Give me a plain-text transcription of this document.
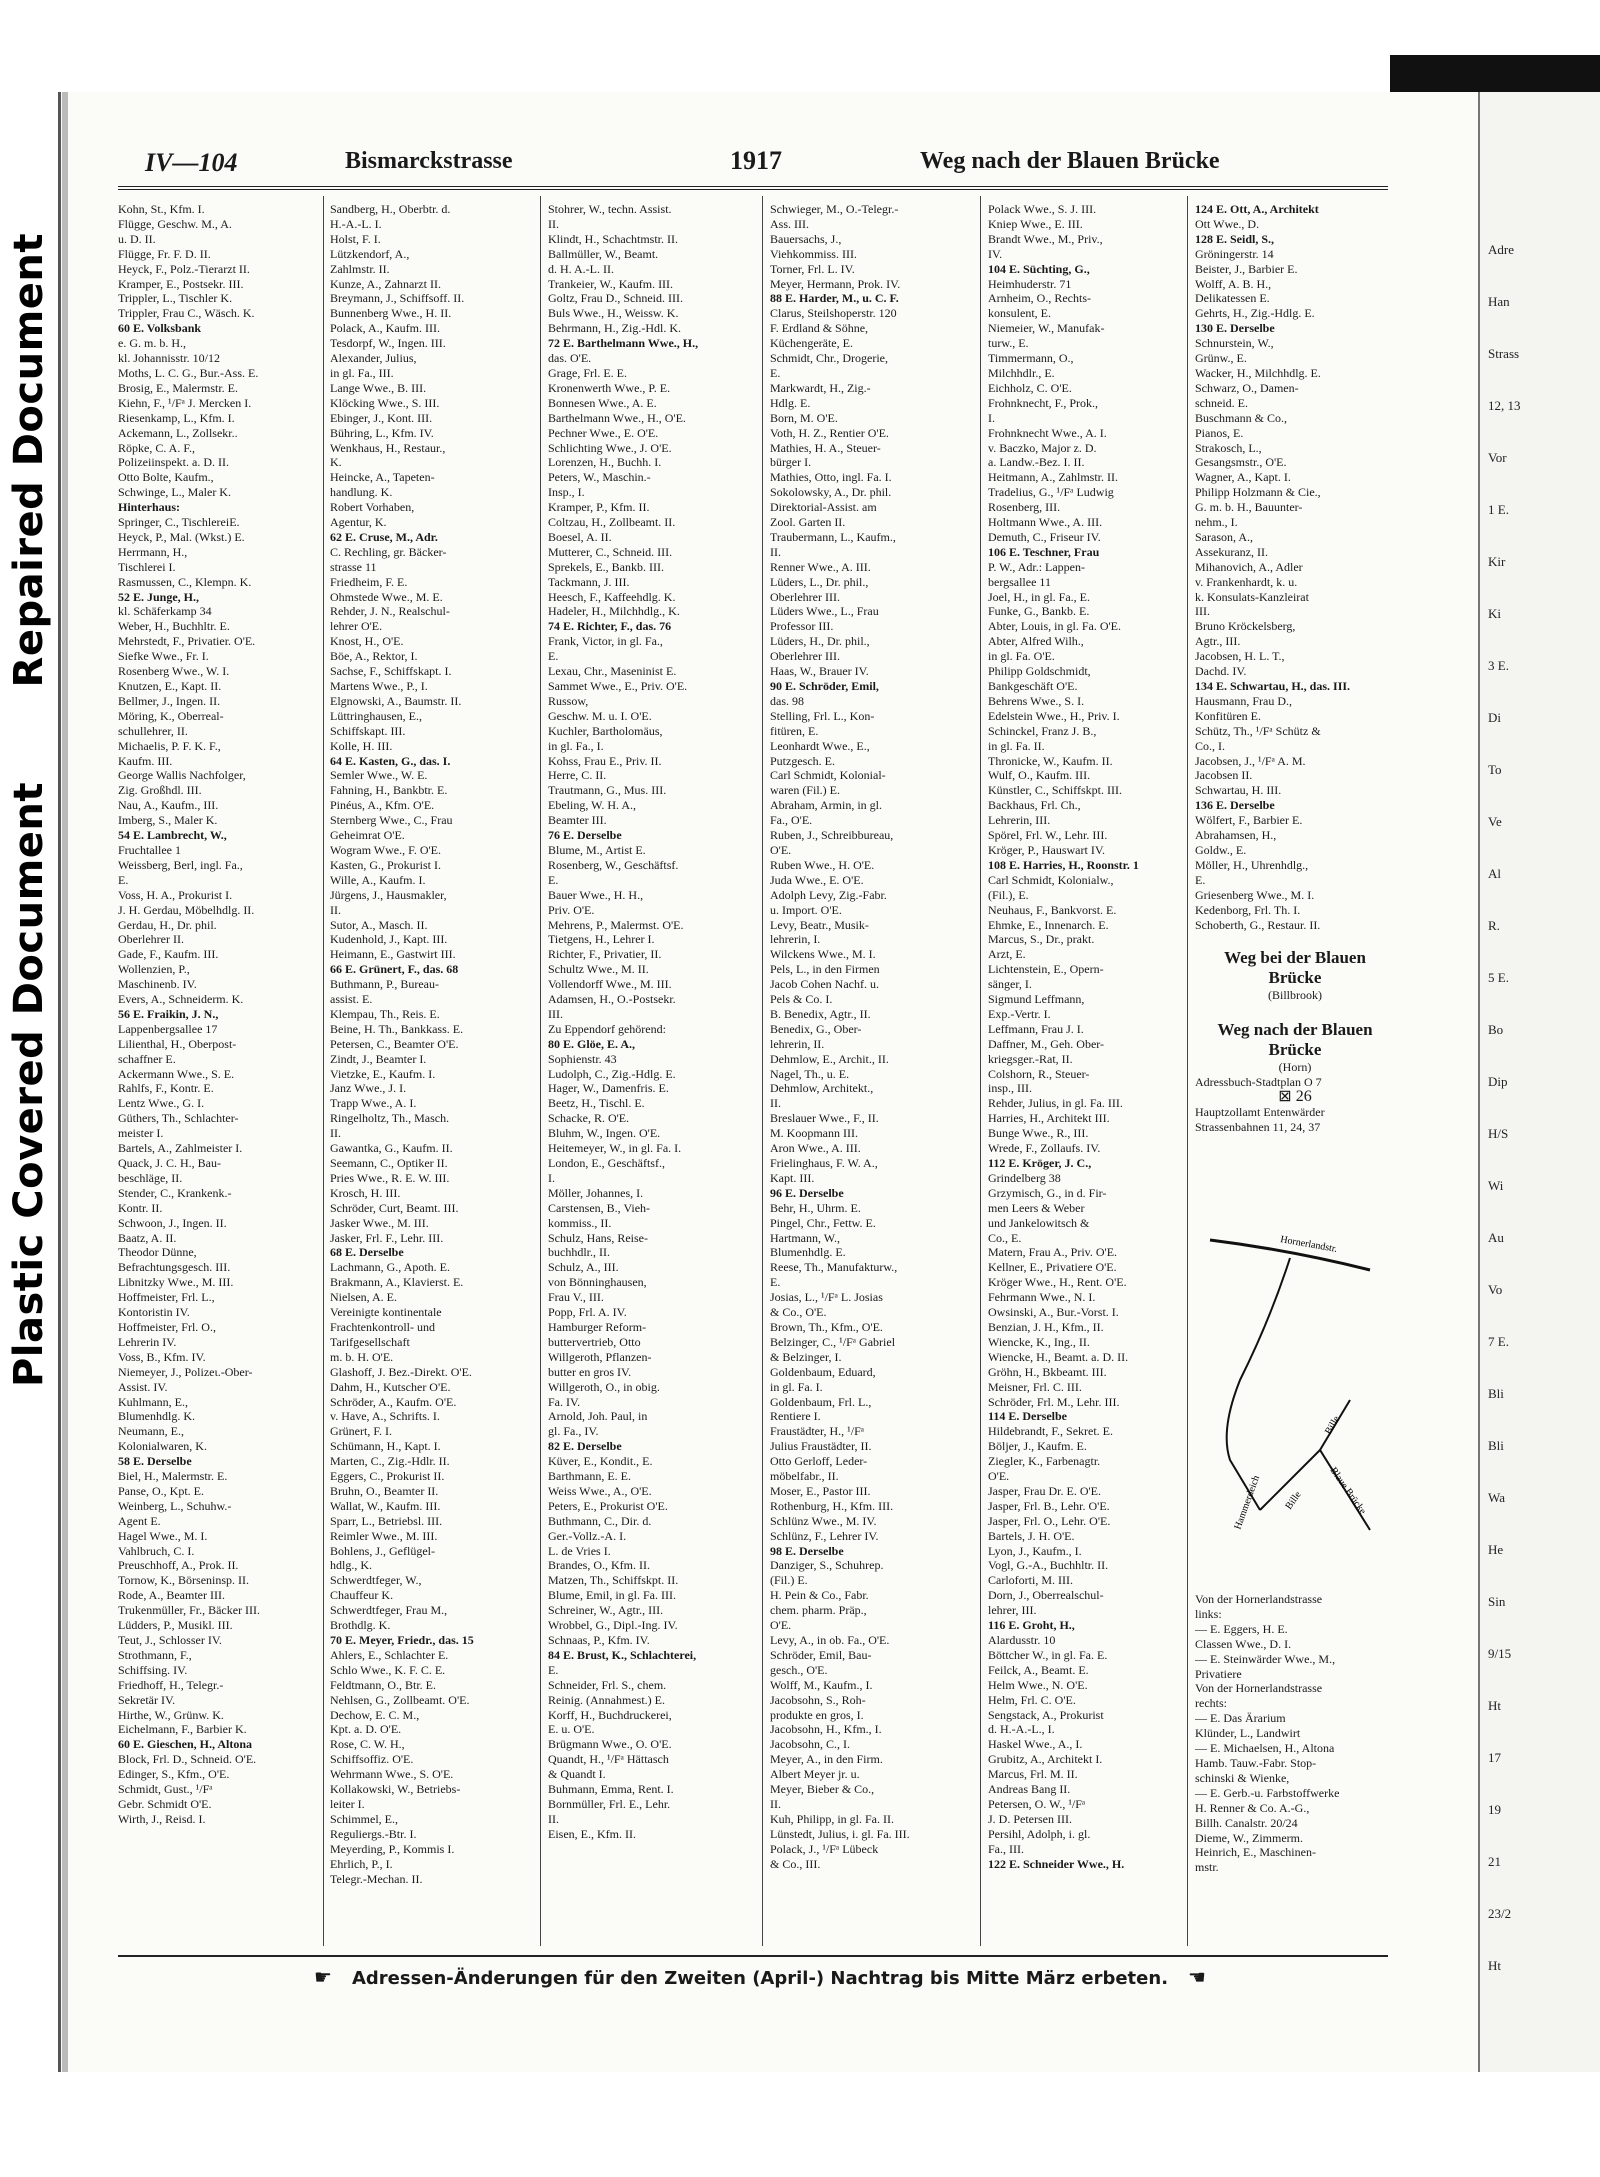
Repaired Document
Plastic Covered Document
Adre
Han
Strass
12, 13
Vor
1 E.
Kir
Ki
3 E.
Di
To
Ve
Al
R.
5 E.
Bo
Dip
H/S
Wi
Au
Vo
7 E.
Bli
Bli
Wa
He
Sin
9/15
Ht
17
19
21
23/2
Ht
IV—104	Bismarckstrasse	1917	Weg nach der Blauen Brücke
Kohn, St., Kfm. I.
Flügge, Geschw. M., A.
u. D. II.
Flügge, Fr. F. D. II.
Heyck, F., Polz.-Tierarzt II.
Kramper, E., Postsekr. III.
Trippler, L., Tischler K.
Trippler, Frau C., Wäsch. K.
60 E. Volksbank
e. G. m. b. H.,
kl. Johannisstr. 10/12
Moths, L. C. G., Bur.-Ass. E.
Brosig, E., Malermstr. E.
Kiehn, F., ¹/Fᵃ J. Mercken I.
Riesenkamp, L., Kfm. I.
Ackemann, L., Zollsekr..
Röpke, C. A. F.,
Polizeiinspekt. a. D. II.
Otto Bolte, Kaufm.,
Schwinge, L., Maler K.
Hinterhaus:
Springer, C., TischlereiE.
Heyck, P., Mal. (Wkst.) E.
Herrmann, H.,
Tischlerei I.
Rasmussen, C., Klempn. K.
52 E. Junge, H.,
kl. Schäferkamp 34
Weber, H., Buchhltr. E.
Mehrstedt, F., Privatier. O'E.
Siefke Wwe., Fr. I.
Rosenberg Wwe., W. I.
Knutzen, E., Kapt. II.
Bellmer, J., Ingen. II.
Möring, K., Oberreal-
schullehrer, II.
Michaelis, P. F. K. F.,
Kaufm. III.
George Wallis Nachfolger,
Zig. Großhdl. III.
Nau, A., Kaufm., III.
Imberg, S., Maler K.
54 E. Lambrecht, W.,
Fruchtallee 1
Weissberg, Berl, ingl. Fa.,
E.
Voss, H. A., Prokurist I.
J. H. Gerdau, Möbelhdlg. II.
Gerdau, H., Dr. phil.
Oberlehrer II.
Gade, F., Kaufm. III.
Wollenzien, P.,
Maschinenb. IV.
Evers, A., Schneiderm. K.
56 E. Fraikin, J. N.,
Lappenbergsallee 17
Lilienthal, H., Oberpost-
schaffner E.
Ackermann Wwe., S. E.
Rahlfs, F., Kontr. E.
Lentz Wwe., G. I.
Güthers, Th., Schlachter-
meister I.
Bartels, A., Zahlmeister I.
Quack, J. C. H., Bau-
beschläge, II.
Stender, C., Krankenk.-
Kontr. II.
Schwoon, J., Ingen. II.
Baatz, A. II.
Theodor Dünne,
Befrachtungsgesch. III.
Libnitzky Wwe., M. III.
Hoffmeister, Frl. L.,
Kontoristin IV.
Hoffmeister, Frl. O.,
Lehrerin IV.
Voss, B., Kfm. IV.
Niemeyer, J., Polizeι.-Ober-
Assist. IV.
Kuhlmann, E.,
Blumenhdlg. K.
Neumann, E.,
Kolonialwaren, K.
58 E. Derselbe
Biel, H., Malermstr. E.
Panse, O., Kpt. E.
Weinberg, L., Schuhw.-
Agent E.
Hagel Wwe., M. I.
Vahlbruch, C. I.
Preuschhoff, A., Prok. II.
Tornow, K., Börseninsp. II.
Rode, A., Beamter III.
Trukenmüller, Fr., Bäcker III.
Lüdders, P., Musikl. III.
Teut, J., Schlosser IV.
Strothmann, F.,
Schiffsing. IV.
Friedhoff, H., Telegr.-
Sekretär IV.
Hirthe, W., Grünw. K.
Eichelmann, F., Barbier K.
60 E. Gieschen, H., Altona
Block, Frl. D., Schneid. O'E.
Edinger, S., Kfm., O'E.
Schmidt, Gust., ¹/Fᵃ
Gebr. Schmidt O'E.
Wirth, J., Reisd. I.
Sandberg, H., Oberbtr. d.
H.-A.-L. I.
Holst, F. I.
Lützkendorf, A.,
Zahlmstr. II.
Kunze, A., Zahnarzt II.
Breymann, J., Schiffsoff. II.
Bunnenberg Wwe., H. II.
Polack, A., Kaufm. III.
Tesdorpf, W., Ingen. III.
Alexander, Julius,
in gl. Fa., III.
Lange Wwe., B. III.
Klöcking Wwe., S. III.
Ebinger, J., Kont. III.
Bühring, L., Kfm. IV.
Wenkhaus, H., Restaur.,
K.
Heincke, A., Tapeten-
handlung. K.
Robert Vorhaben,
Agentur, K.
62 E. Cruse, M., Adr.
C. Rechling, gr. Bäcker-
strasse 11
Friedheim, F. E.
Ohmstede Wwe., M. E.
Rehder, J. N., Realschul-
lehrer O'E.
Knost, H., O'E.
Böe, A., Rektor, I.
Sachse, F., Schiffskapt. I.
Martens Wwe., P., I.
Elgnowski, A., Baumstr. II.
Lüttringhausen, E.,
Schiffskapt. III.
Kolle, H. III.
64 E. Kasten, G., das. I.
Semler Wwe., W. E.
Fahning, H., Bankbtr. E.
Pinéus, A., Kfm. O'E.
Sternberg Wwe., C., Frau
Geheimrat O'E.
Wogram Wwe., F. O'E.
Kasten, G., Prokurist I.
Wille, A., Kaufm. I.
Jürgens, J., Hausmakler,
II.
Sutor, A., Masch. II.
Kudenhold, J., Kapt. III.
Heimann, E., Gastwirt III.
66 E. Grünert, F., das. 68
Buthmann, P., Bureau-
assist. E.
Klempau, Th., Reis. E.
Beine, H. Th., Bankkass. E.
Petersen, C., Beamter O'E.
Zindt, J., Beamter I.
Vietzke, E., Kaufm. I.
Janz Wwe., J. I.
Trapp Wwe., A. I.
Ringelholtz, Th., Masch.
II.
Gawantka, G., Kaufm. II.
Seemann, C., Optiker II.
Pries Wwe., R. E. W. III.
Krosch, H. III.
Schröder, Curt, Beamt. III.
Jasker Wwe., M. III.
Jasker, Frl. F., Lehr. III.
68 E. Derselbe
Lachmann, G., Apoth. E.
Brakmann, A., Klavierst. E.
Nielsen, A. E.
Vereinigte kontinentale
Frachtenkontroll- und
Tarifgesellschaft
m. b. H. O'E.
Glashoff, J. Bez.-Direkt. O'E.
Dahm, H., Kutscher O'E.
Schröder, A., Kaufm. O'E.
v. Have, A., Schrifts. I.
Grünert, F. I.
Schümann, H., Kapt. I.
Marten, C., Zig.-Hdlr. II.
Eggers, C., Prokurist II.
Bruhn, O., Beamter II.
Wallat, W., Kaufm. III.
Sparr, L., Betriebsl. III.
Reimler Wwe., M. III.
Bohlens, J., Geflügel-
hdlg., K.
Schwerdtfeger, W.,
Chauffeur K.
Schwerdtfeger, Frau M.,
Brothdlg. K.
70 E. Meyer, Friedr., das. 15
Ahlers, E., Schlachter E.
Schlo Wwe., K. F. C. E.
Feldtmann, O., Btr. E.
Nehlsen, G., Zollbeamt. O'E.
Dechow, E. C. M.,
Kpt. a. D. O'E.
Rose, C. W. H.,
Schiffsoffiz. O'E.
Wehrmann Wwe., S. O'E.
Kollakowski, W., Betriebs-
leiter I.
Schimmel, E.,
Reguliergs.-Btr. I.
Meyerding, P., Kommis I.
Ehrlich, P., I.
Telegr.-Mechan. II.
Stohrer, W., techn. Assist.
II.
Klindt, H., Schachtmstr. II.
Ballmüller, W., Beamt.
d. H. A.-L. II.
Trankeier, W., Kaufm. III.
Goltz, Frau D., Schneid. III.
Buls Wwe., H., Weissw. K.
Behrmann, H., Zig.-Hdl. K.
72 E. Barthelmann Wwe., H.,
das. O'E.
Grage, Frl. E. E.
Kronenwerth Wwe., P. E.
Bonnesen Wwe., A. E.
Barthelmann Wwe., H., O'E.
Pechner Wwe., E. O'E.
Schlichting Wwe., J. O'E.
Lorenzen, H., Buchh. I.
Peters, W., Maschin.-
Insp., I.
Kramper, P., Kfm. II.
Coltzau, H., Zollbeamt. II.
Boesel, A. II.
Mutterer, C., Schneid. III.
Sprekels, E., Bankb. III.
Tackmann, J. III.
Heesch, F., Kaffeehdlg. K.
Hadeler, H., Milchhdlg., K.
74 E. Richter, F., das. 76
Frank, Victor, in gl. Fa.,
E.
Lexau, Chr., Maseninist E.
Sammet Wwe., E., Priv. O'E.
Russow,
Geschw. M. u. I. O'E.
Kuchler, Bartholomäus,
in gl. Fa., I.
Kohss, Frau E., Priv. II.
Herre, C. II.
Trautmann, G., Mus. III.
Ebeling, W. H. A.,
Beamter III.
76 E. Derselbe
Blume, M., Artist E.
Rosenberg, W., Geschäftsf.
E.
Bauer Wwe., H. H.,
Priv. O'E.
Mehrens, P., Malermst. O'E.
Tietgens, H., Lehrer I.
Richter, F., Privatier, II.
Schultz Wwe., M. II.
Vollendorff Wwe., M. III.
Adamsen, H., O.-Postsekr.
III.
Zu Eppendorf gehörend:
80 E. Glöe, E. A.,
Sophienstr. 43
Ludolph, C., Zig.-Hdlg. E.
Hager, W., Damenfris. E.
Beetz, H., Tischl. E.
Schacke, R. O'E.
Bluhm, W., Ingen. O'E.
Heitemeyer, W., in gl. Fa. I.
London, E., Geschäftsf.,
I.
Möller, Johannes, I.
Carstensen, B., Vieh-
kommiss., II.
Schulz, Hans, Reise-
buchhdlr., II.
Schulz, A., III.
von Bönninghausen,
Frau V., III.
Popp, Frl. A. IV.
Hamburger Reform-
buttervertrieb, Otto
Willgeroth, Pflanzen-
butter en gros IV.
Willgeroth, O., in obig.
Fa. IV.
Arnold, Joh. Paul, in
gl. Fa., IV.
82 E. Derselbe
Küver, E., Kondit., E.
Barthmann, E. E.
Weiss Wwe., A., O'E.
Peters, E., Prokurist O'E.
Buthmann, C., Dir. d.
Ger.-Vollz.-A. I.
L. de Vries I.
Brandes, O., Kfm. II.
Matzen, Th., Schiffskpt. II.
Blume, Emil, in gl. Fa. III.
Schreiner, W., Agtr., III.
Wrobbel, G., Dipl.-Ing. IV.
Schnaas, P., Kfm. IV.
84 E. Brust, K., Schlachterei,
E.
Schneider, Frl. S., chem.
Reinig. (Annahmest.) E.
Korff, H., Buchdruckerei,
E. u. O'E.
Brügmann Wwe., O. O'E.
Quandt, H., ¹/Fᵃ Hättasch
& Quandt I.
Buhmann, Emma, Rent. I.
Bornmüller, Frl. E., Lehr.
II.
Eisen, E., Kfm. II.
Schwieger, M., O.-Telegr.-
Ass. III.
Bauersachs, J.,
Viehkommiss. III.
Torner, Frl. L. IV.
Meyer, Hermann, Prok. IV.
88 E. Harder, M., u. C. F.
Clarus, Steilshoperstr. 120
F. Erdland & Söhne,
Küchengeräte, E.
Schmidt, Chr., Drogerie,
E.
Markwardt, H., Zig.-
Hdlg. E.
Born, M. O'E.
Voth, H. Z., Rentier O'E.
Mathies, H. A., Steuer-
bürger I.
Mathies, Otto, ingl. Fa. I.
Sokolowsky, A., Dr. phil.
Direktorial-Assist. am
Zool. Garten II.
Traubermann, L., Kaufm.,
II.
Renner Wwe., A. III.
Lüders, L., Dr. phil.,
Oberlehrer III.
Lüders Wwe., L., Frau
Professor III.
Lüders, H., Dr. phil.,
Oberlehrer III.
Haas, W., Brauer IV.
90 E. Schröder, Emil,
das. 98
Stelling, Frl. L., Kon-
fitüren, E.
Leonhardt Wwe., E.,
Putzgesch. E.
Carl Schmidt, Kolonial-
waren (Fil.) E.
Abraham, Armin, in gl.
Fa., O'E.
Ruben, J., Schreibbureau,
O'E.
Ruben Wwe., H. O'E.
Juda Wwe., E. O'E.
Adolph Levy, Zig.-Fabr.
u. Import. O'E.
Levy, Beatr., Musik-
lehrerin, I.
Wilckens Wwe., M. I.
Pels, L., in den Firmen
Jacob Cohen Nachf. u.
Pels & Co. I.
B. Benedix, Agtr., II.
Benedix, G., Ober-
lehrerin, II.
Dehmlow, E., Archit., II.
Nagel, Th., u. E.
Dehmlow, Architekt.,
II.
Breslauer Wwe., F., II.
M. Koopmann III.
Aron Wwe., A. III.
Frielinghaus, F. W. A.,
Kapt. III.
96 E. Derselbe
Behr, H., Uhrm. E.
Pingel, Chr., Fettw. E.
Hartmann, W.,
Blumenhdlg. E.
Reese, Th., Manufakturw.,
E.
Josias, L., ¹/Fᵃ L. Josias
& Co., O'E.
Brown, Th., Kfm., O'E.
Belzinger, C., ¹/Fᵃ Gabriel
& Belzinger, I.
Goldenbaum, Eduard,
in gl. Fa. I.
Goldenbaum, Frl. L.,
Rentiere I.
Fraustädter, H., ¹/Fᵃ
Julius Fraustädter, II.
Otto Gerloff, Leder-
möbelfabr., II.
Moser, E., Pastor III.
Rothenburg, H., Kfm. III.
Schlünz Wwe., M. IV.
Schlünz, F., Lehrer IV.
98 E. Derselbe
Danziger, S., Schuhrep.
(Fil.) E.
H. Pein & Co., Fabr.
chem. pharm. Präp.,
O'E.
Levy, A., in ob. Fa., O'E.
Schröder, Emil, Bau-
gesch., O'E.
Wolff, M., Kaufm., I.
Jacobsohn, S., Roh-
produkte en gros, I.
Jacobsohn, H., Kfm., I.
Jacobsohn, C., I.
Meyer, A., in den Firm.
Albert Meyer jr. u.
Meyer, Bieber & Co.,
II.
Kuh, Philipp, in gl. Fa. II.
Lünstedt, Julius, i. gl. Fa. III.
Polack, J., ¹/Fᵃ Lübeck
& Co., III.
Polack Wwe., S. J. III.
Kniep Wwe., E. III.
Brandt Wwe., M., Priv.,
IV.
104 E. Süchting, G.,
Heimhuderstr. 71
Arnheim, O., Rechts-
konsulent, E.
Niemeier, W., Manufak-
turw., E.
Timmermann, O.,
Milchhdlr., E.
Eichholz, C. O'E.
Frohnknecht, F., Prok.,
I.
Frohnknecht Wwe., A. I.
v. Baczko, Major z. D.
a. Landw.-Bez. I. II.
Heitmann, A., Zahlmstr. II.
Tradelius, G., ¹/Fᵃ Ludwig
Rosenberg, III.
Holtmann Wwe., A. III.
Demuth, C., Friseur IV.
106 E. Teschner, Frau
P. W., Adr.: Lappen-
bergsallee 11
Joel, H., in gl. Fa., E.
Funke, G., Bankb. E.
Abter, Louis, in gl. Fa. O'E.
Abter, Alfred Wilh.,
in gl. Fa. O'E.
Philipp Goldschmidt,
Bankgeschäft O'E.
Behrens Wwe., S. I.
Edelstein Wwe., H., Priv. I.
Schinckel, Franz J. B.,
in gl. Fa. II.
Thronicke, W., Kaufm. II.
Wulf, O., Kaufm. III.
Künstler, C., Schiffskpt. III.
Backhaus, Frl. Ch.,
Lehrerin, III.
Spörel, Frl. W., Lehr. III.
Kröger, P., Hauswart IV.
108 E. Harries, H., Roonstr. 1
Carl Schmidt, Kolonialw.,
(Fil.), E.
Neuhaus, F., Bankvorst. E.
Ehmke, E., Innenarch. E.
Marcus, S., Dr., prakt.
Arzt, E.
Lichtenstein, E., Opern-
sänger, I.
Sigmund Leffmann,
Exp.-Vertr. I.
Leffmann, Frau J. I.
Daffner, M., Geh. Ober-
kriegsger.-Rat, II.
Colshorn, R., Steuer-
insp., III.
Rehder, Julius, in gl. Fa. III.
Harries, H., Architekt III.
Bunge Wwe., R., III.
Wrede, F., Zollaufs. IV.
112 E. Kröger, J. C.,
Grindelberg 38
Grzymisch, G., in d. Fir-
men Leers & Weber
und Jankelowitsch &
Co., E.
Matern, Frau A., Priv. O'E.
Kellner, E., Privatiere O'E.
Kröger Wwe., H., Rent. O'E.
Fehrmann Wwe., N. I.
Owsinski, A., Bur.-Vorst. I.
Benzian, J. H., Kfm., II.
Wiencke, K., Ing., II.
Wiencke, H., Beamt. a. D. II.
Gröhn, H., Bkbeamt. III.
Meisner, Frl. C. III.
Schröder, Frl. M., Lehr. III.
114 E. Derselbe
Hildebrandt, F., Sekret. E.
Böljer, J., Kaufm. E.
Ziegler, K., Farbenagtr.
O'E.
Jasper, Frau Dr. E. O'E.
Jasper, Frl. B., Lehr. O'E.
Jasper, Frl. O., Lehr. O'E.
Bartels, J. H. O'E.
Lyon, J., Kaufm., I.
Vogl, G.-A., Buchhltr. II.
Carloforti, M. III.
Dorn, J., Oberrealschul-
lehrer, III.
116 E. Groht, H.,
Alardusstr. 10
Böttcher W., in gl. Fa. E.
Feilck, A., Beamt. E.
Helm Wwe., N. O'E.
Helm, Frl. C. O'E.
Sengstack, A., Prokurist
d. H.-A.-L., I.
Haskel Wwe., A., I.
Grubitz, A., Architekt I.
Marcus, Frl. M. II.
Andreas Bang II.
Petersen, O. W., ¹/Fᵃ
J. D. Petersen III.
Persihl, Adolph, i. gl.
Fa., III.
122 E. Schneider Wwe., H.
124 E. Ott, A., Architekt
Ott Wwe., D.
128 E. Seidl, S.,
Gröningerstr. 14
Beister, J., Barbier E.
Wolff, A. B. H.,
Delikatessen E.
Gehrts, H., Zig.-Hdlg. E.
130 E. Derselbe
Schnurstein, W.,
Grünw., E.
Wacker, H., Milchhdlg. E.
Schwarz, O., Damen-
schneid. E.
Buschmann & Co.,
Pianos, E.
Strakosch, L.,
Gesangsmstr., O'E.
Wagner, A., Kapt. I.
Philipp Holzmann & Cie.,
G. m. b. H., Bauunter-
nehm., I.
Sarason, A.,
Assekuranz, II.
Mihanovich, A., Adler
v. Frankenhardt, k. u.
k. Konsulats-Kanzleirat
III.
Bruno Kröckelsberg,
Agtr., III.
Jacobsen, H. L. T.,
Dachd. IV.
134 E. Schwartau, H., das. III.
Hausmann, Frau D.,
Konfitüren E.
Schütz, Th., ¹/Fᵃ Schütz &
Co., I.
Jacobsen, J., ¹/Fᵃ A. M.
Jacobsen II.
Schwartau, H. III.
136 E. Derselbe
Wölfert, F., Barbier E.
Abrahamsen, H.,
Goldw., E.
Möller, H., Uhrenhdlg.,
E.
Griesenberg Wwe., M. I.
Kedenborg, Frl. Th. I.
Schoberth, G., Restaur. II.
Weg bei der Blauen Brücke
(Billbrook)
Weg nach der Blauen Brücke
(Horn)
Adressbuch-Stadtplan O 7
⊠ 26
Hauptzollamt Entenwärder
Strassenbahnen 11, 24, 37
Hornerlandstr.
Hammerdeich
Bille
Blaue Brücke
Bille
Von der Hornerlandstrasse
links:
— E. Eggers, H. E.
Classen Wwe., D. I.
— E. Steinwärder Wwe., M.,
Privatiere
Von der Hornerlandstrasse
rechts:
— E. Das Ärarium
Klünder, L., Landwirt
— E. Michaelsen, H., Altona
Hamb. Tauw.-Fabr. Stop-
schinski & Wienke,
— E. Gerb.-u. Farbstoffwerke
H. Renner & Co. A.-G.,
Billh. Canalstr. 20/24
Dieme, W., Zimmerm.
Heinrich, E., Maschinen-
mstr.
☛ Adressen-Änderungen für den Zweiten (April-) Nachtrag bis Mitte März erbeten. ☚
